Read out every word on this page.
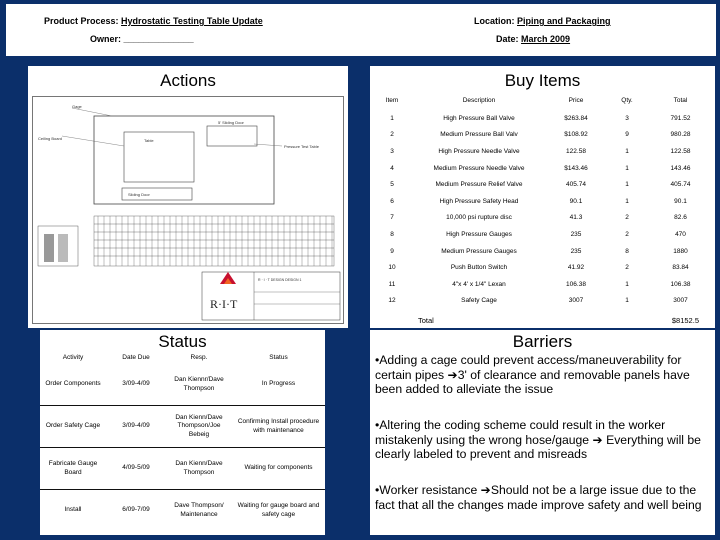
Product Process: Hydrostatic Testing Table Update	Location: Piping and Packaging
Owner: ______________	Date: March 2009
Actions
Gage
Ceiling Board	Table
5' Sliding Door
Sliding Door
Pressure Test Table
R · I · T DESIGN DESIGN 1
R·I·T
Buy Items
Item	Description	Price	Qty.	Total
1	High Pressure Ball Valve	$263.84	3	791.52
2	Medium Pressure Ball Valv	$108.92	9	980.28
3	High Pressure Needle Valve	122.58	1	122.58
4	Medium Pressure Needle Valve	$143.46	1	143.46
5	Medium Pressure Relief Valve	405.74	1	405.74
6	High Pressure Safety Head	90.1	1	90.1
7	10,000 psi rupture disc	41.3	2	82.6
8	High Pressure Gauges	235	2	470
9	Medium Pressure Gauges	235	8	1880
10	Push Button Switch	41.92	2	83.84
11	4"x 4' x 1/4" Lexan	106.38	1	106.38
12	Safety Cage	3007	1	3007
Total	$8152.5
Status
Activity	Date Due	Resp.	Status
Order Components	3/09-4/09	Dan Kiennr/Dave Thompson	In Progress
Order Safety Cage	3/09-4/09	Dan Kienn/Dave Thompson/Joe Bebeig	Confirming Install procedure with maintenance
Fabricate Gauge Board	4/09-5/09	Dan Kienn/Dave Thompson	Waiting for components
Install	6/09-7/09	Dave Thompson/ Maintenance	Waiting for gauge board and safety cage
Barriers
•Adding a cage could prevent access/maneuverability for certain pipes ➔3' of clearance and removable panels have been added to alleviate the issue
•Altering the coding scheme could result in the worker mistakenly using the wrong hose/gauge ➔ Everything will be clearly labeled to prevent and misreads
•Worker resistance ➔Should not be a large issue due to the fact that all the changes made improve safety and well being
